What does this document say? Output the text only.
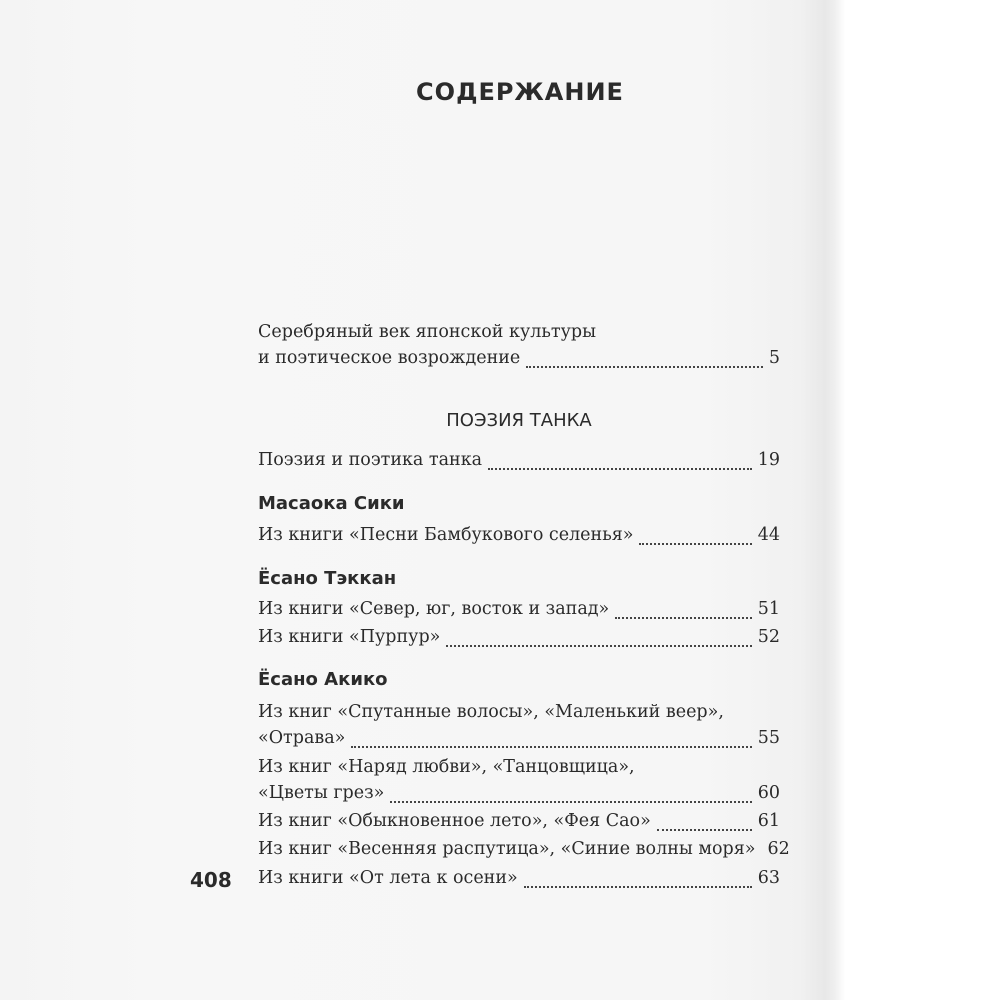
СОДЕРЖАНИЕ
Серебряный век японской культуры
и поэтическое возрождение	5
ПОЭЗИЯ ТАНКА
Поэзия и поэтика танка	19
Масаока Сики
Из книги «Песни Бамбукового селенья»	44
Ёсано Тэккан
Из книги «Север, юг, восток и запад»	51
Из книги «Пурпур»	52
Ёсано Акико
Из книг «Спутанные волосы», «Маленький веер»,
«Отрава»	55
Из книг «Наряд любви», «Танцовщица»,
«Цветы грез»	60
Из книг «Обыкновенное лето», «Фея Сао»	61
Из книг «Весенняя распутица», «Синие волны моря» 62
Из книги «От лета к осени»	63
408
